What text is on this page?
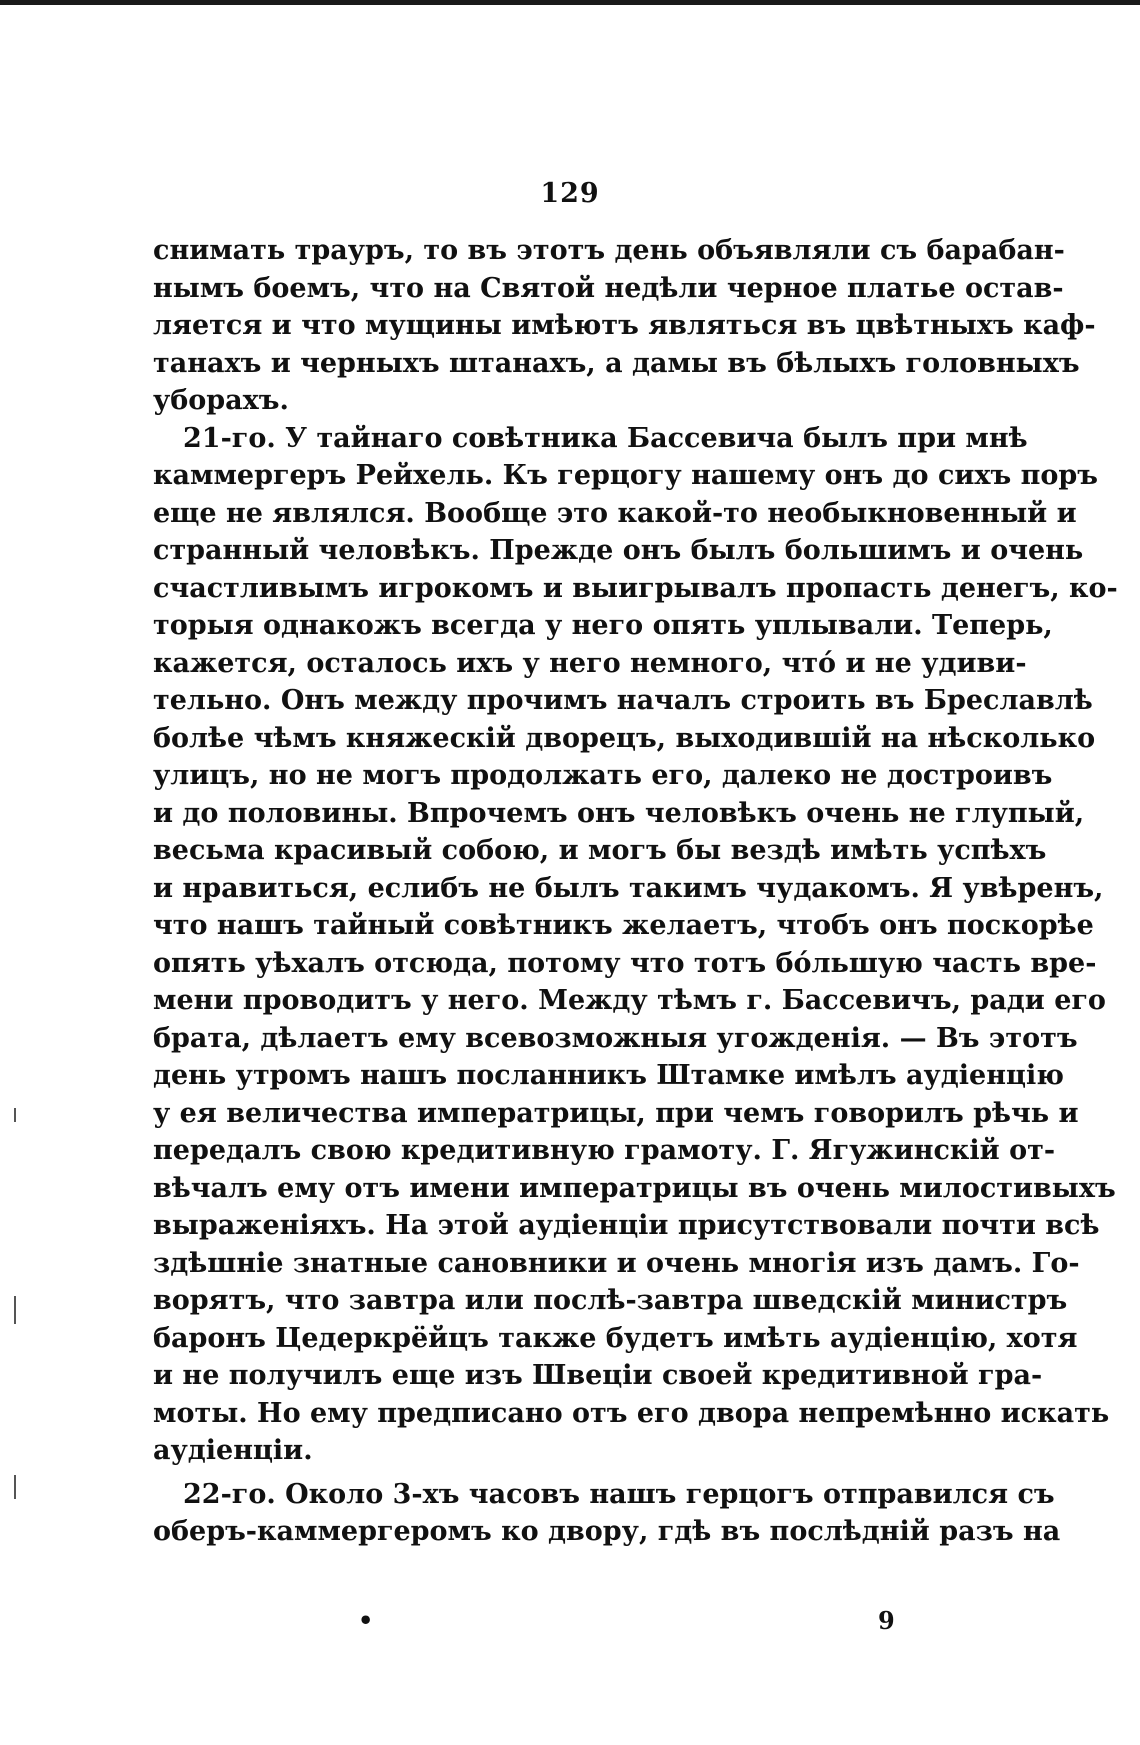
129
снимать трауръ, то въ этотъ день объявляли съ барабан-
нымъ боемъ, что на Святой недѣли черное платье остав-
ляется и что мущины имѣютъ являться въ цвѣтныхъ каф-
танахъ и черныхъ штанахъ, а дамы въ бѣлыхъ головныхъ
уборахъ.
21-го. У тайнаго совѣтника Бассевича былъ при мнѣ
каммергеръ Рейхель. Къ герцогу нашему онъ до сихъ поръ
еще не являлся. Вообще это какой-то необыкновенный и
странный человѣкъ. Прежде онъ былъ большимъ и очень
счастливымъ игрокомъ и выигрывалъ пропасть денегъ, ко-
торыя однакожъ всегда у него опять уплывали. Теперь,
кажется, осталось ихъ у него немного, чтó и не удиви-
тельно. Онъ между прочимъ началъ строить въ Бреславлѣ
болѣе чѣмъ княжескій дворецъ, выходившій на нѣсколько
улицъ, но не могъ продолжать его, далеко не достроивъ
и до половины. Впрочемъ онъ человѣкъ очень не глупый,
весьма красивый собою, и могъ бы вездѣ имѣть успѣхъ
и нравиться, еслибъ не былъ такимъ чудакомъ. Я увѣренъ,
что нашъ тайный совѣтникъ желаетъ, чтобъ онъ поскорѣе
опять уѣхалъ отсюда, потому что тотъ бóльшую часть вре-
мени проводитъ у него. Между тѣмъ г. Бассевичъ, ради его
брата, дѣлаетъ ему всевозможныя угожденія. — Въ этотъ
день утромъ нашъ посланникъ Штамке имѣлъ аудіенцію
у ея величества императрицы, при чемъ говорилъ рѣчь и
передалъ свою кредитивную грамоту. Г. Ягужинскій от-
вѣчалъ ему отъ имени императрицы въ очень милостивыхъ
выраженіяхъ. На этой аудіенціи присутствовали почти всѣ
здѣшніе знатные сановники и очень многія изъ дамъ. Го-
ворятъ, что завтра или послѣ-завтра шведскій министръ
баронъ Цедеркрёйцъ также будетъ имѣть аудіенцію, хотя
и не получилъ еще изъ Швеціи своей кредитивной гра-
моты. Но ему предписано отъ его двора непремѣнно искать
аудіенціи.
22-го. Около 3-хъ часовъ нашъ герцогъ отправился съ
оберъ-каммергеромъ ко двору, гдѣ въ послѣдній разъ на
•	9
